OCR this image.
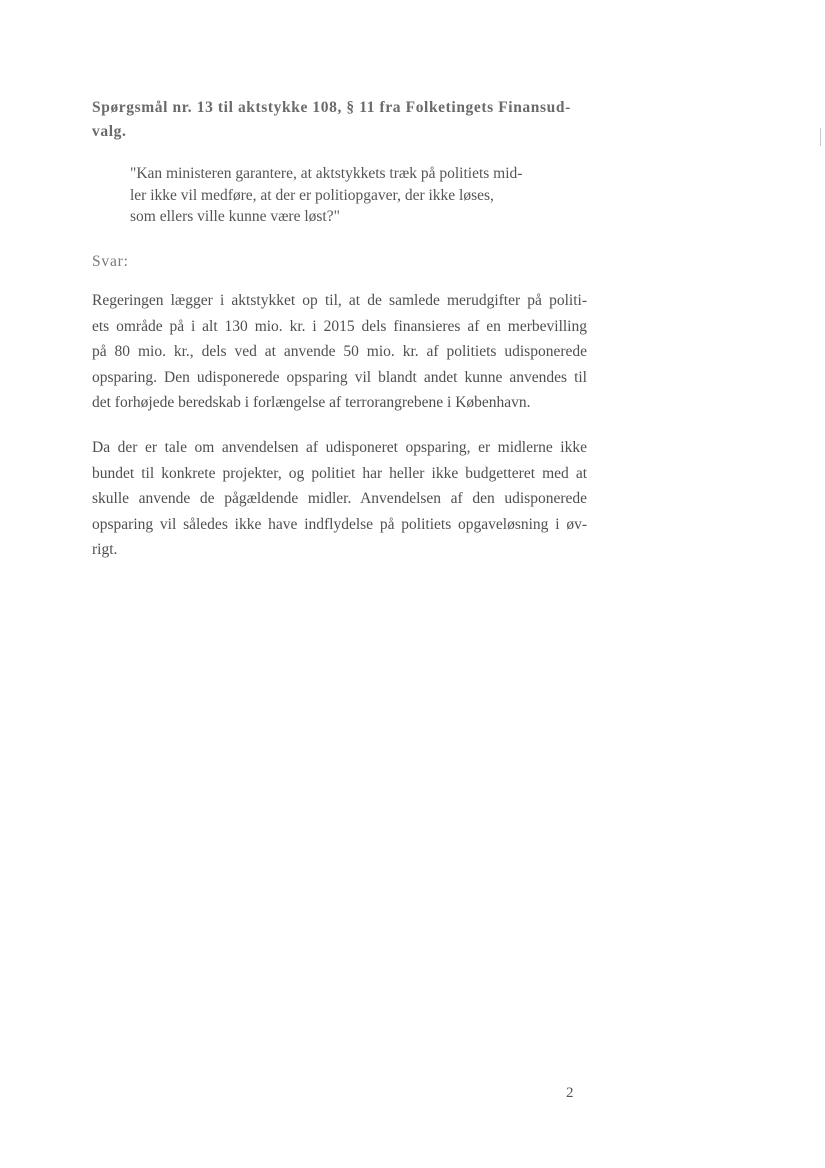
Spørgsmål nr. 13 til aktstykke 108, § 11 fra Folketingets Finansud-
valg.
"Kan ministeren garantere, at aktstykkets træk på politiets mid-
ler ikke vil medføre, at der er politiopgaver, der ikke løses,
som ellers ville kunne være løst?"

Svar:

Regeringen lægger i aktstykket op til, at de samlede merudgifter på politi-
ets område på i alt 130 mio. kr. i 2015 dels finansieres af en merbevilling
på 80 mio. kr., dels ved at anvende 50 mio. kr. af politiets udisponerede
opsparing. Den udisponerede opsparing vil blandt andet kunne anvendes til
det forhøjede beredskab i forlængelse af terrorangrebene i København.

Da der er tale om anvendelsen af udisponeret opsparing, er midlerne ikke
bundet til konkrete projekter, og politiet har heller ikke budgetteret med at
skulle anvende de pågældende midler. Anvendelsen af den udisponerede
opsparing vil således ikke have indflydelse på politiets opgaveløsning i øv-
rigt.

2
